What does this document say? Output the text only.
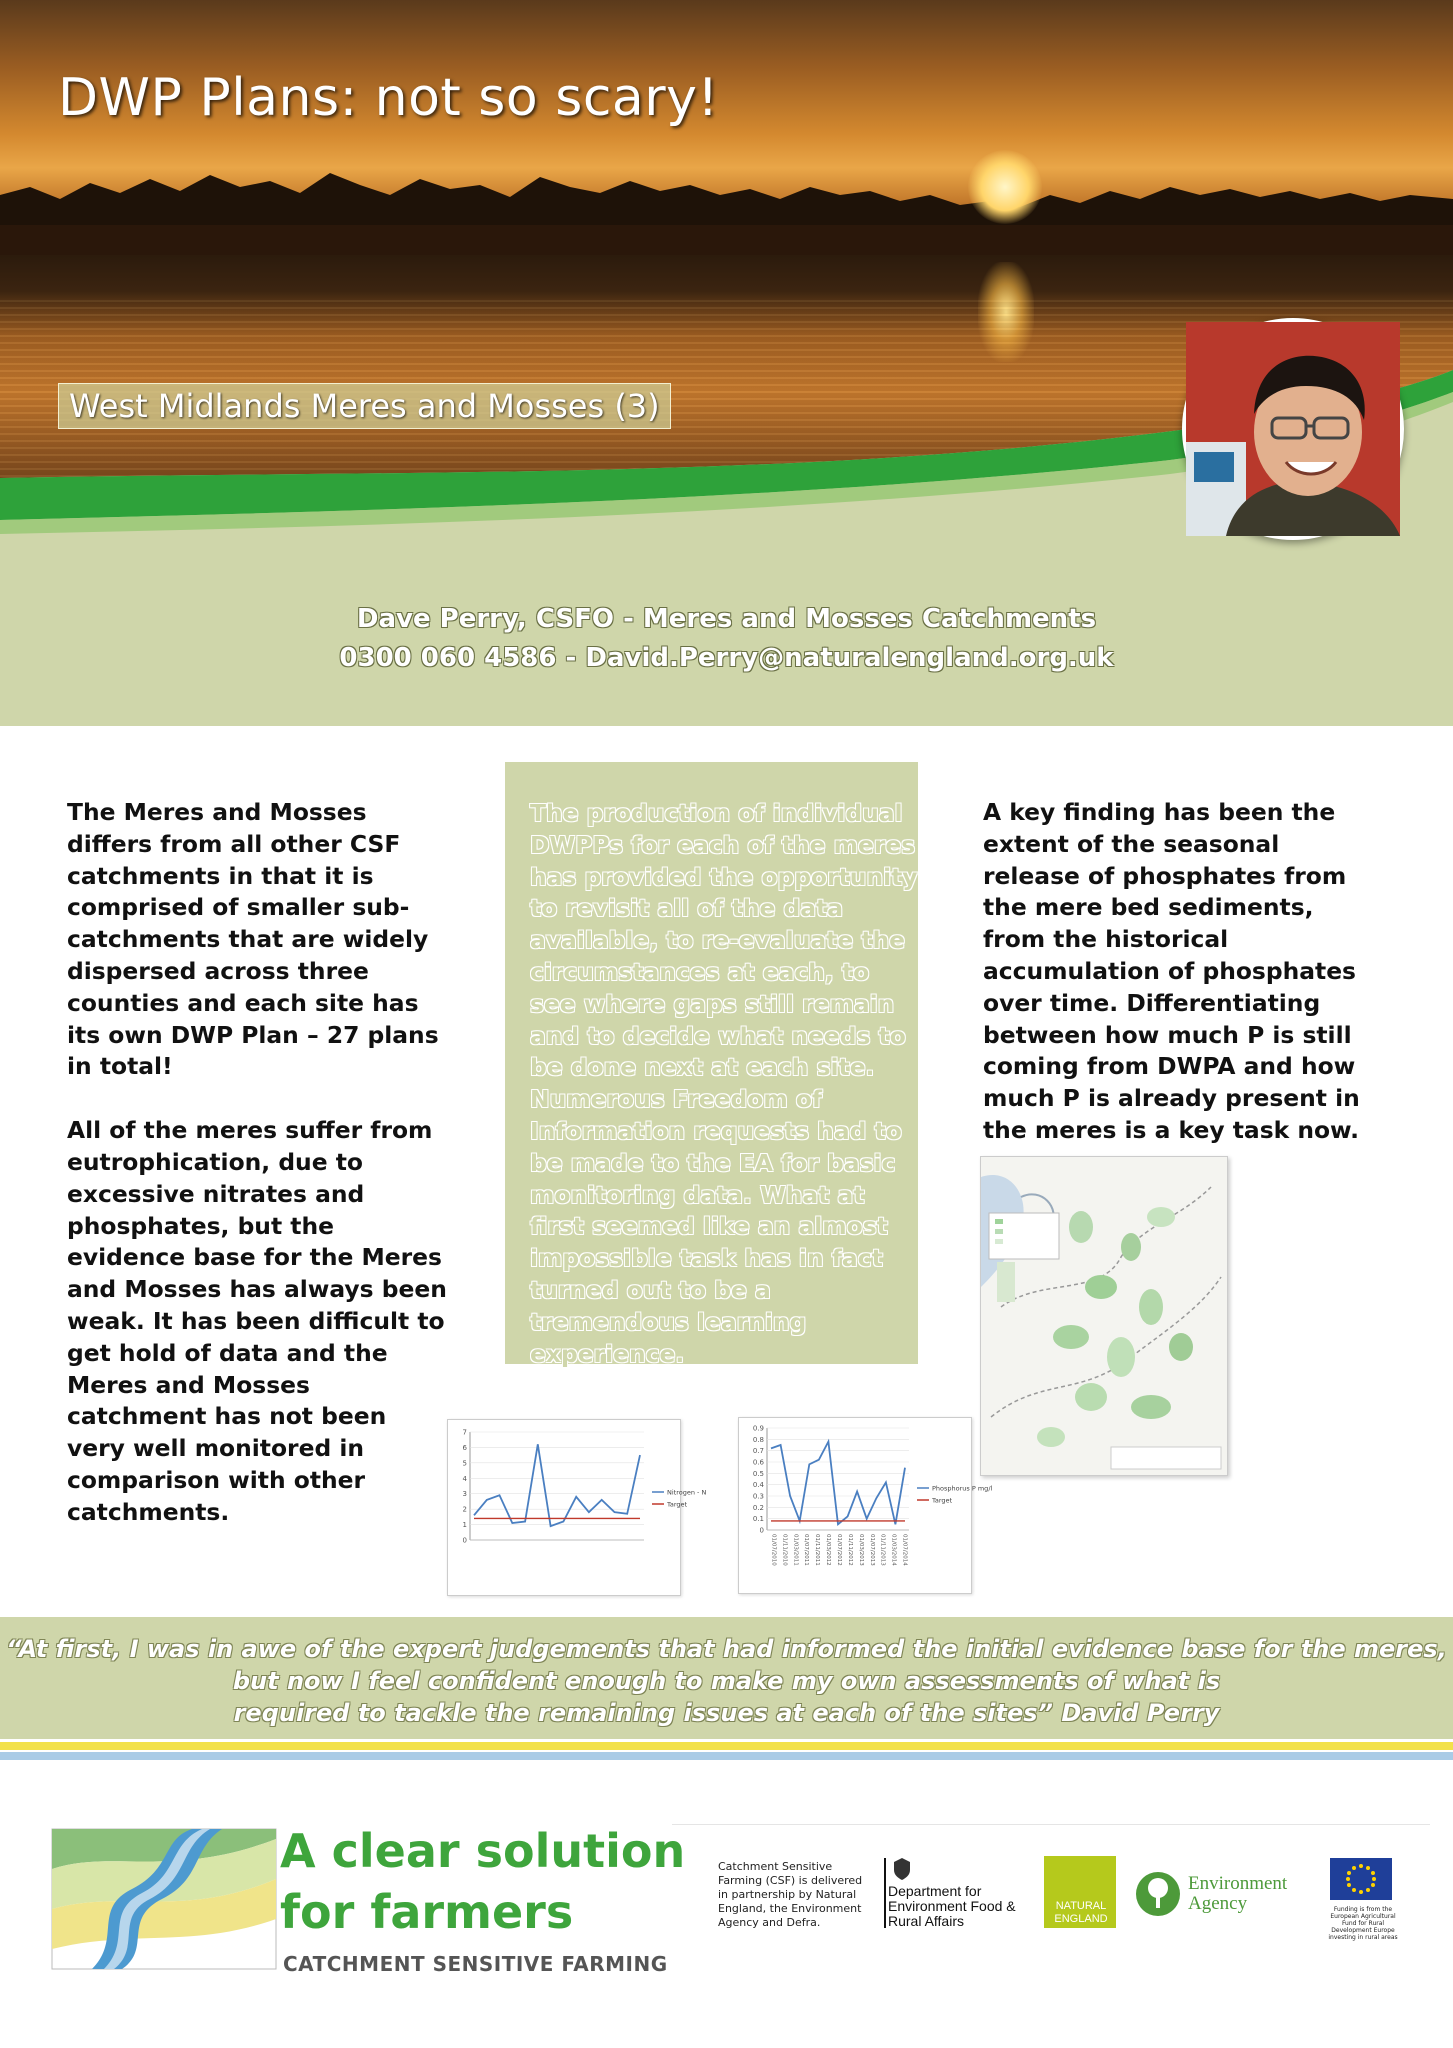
DWP Plans: not so scary!
West Midlands Meres and Mosses (3)
Dave Perry, CSFO - Meres and Mosses Catchments
0300 060 4586 - David.Perry@naturalengland.org.uk

The Meres and Mosses differs from all other CSF catchments in that it is comprised of smaller sub-catchments that are widely dispersed across three counties and each site has its own DWP Plan – 27 plans in total!

All of the meres suffer from eutrophication, due to excessive nitrates and phosphates, but the evidence base for the Meres and Mosses has always been weak. It has been difficult to get hold of data and the Meres and Mosses catchment has not been very well monitored in comparison with other catchments.

The production of individual DWPPs for each of the meres has provided the opportunity to revisit all of the data available, to re-evaluate the circumstances at each, to see where gaps still remain and to decide what needs to be done next at each site. Numerous Freedom of Information requests had to be made to the EA for basic monitoring data. What at first seemed like an almost impossible task has in fact turned out to be a tremendous learning experience.

A key finding has been the extent of the seasonal release of phosphates from the mere bed sediments, from the historical accumulation of phosphates over time. Differentiating between how much P is still coming from DWPA and how much P is already present in the meres is a key task now.

0
1
2
3
4
5
6
7
Nitrogen - N
Target
0
0.1
0.2
0.3
0.4
0.5
0.6
0.7
0.8
0.9
01/07/2010 01/11/2010 01/03/2011 01/07/2011 01/11/2011 01/03/2012 01/07/2012 01/11/2012 01/03/2013 01/07/2013 01/11/2013 01/03/2014 01/07/2014
Phosphorus P mg/l
Target
“At first, I was in awe of the expert judgements that had informed the initial evidence base for the meres,
but now I feel confident enough to make my own assessments of what is
required to tackle the remaining issues at each of the sites” David Perry
A clear solution
for farmers
CATCHMENT SENSITIVE FARMING
Catchment Sensitive Farming (CSF) is delivered in partnership by Natural England, the Environment Agency and Defra.
Department for Environment Food & Rural Affairs
NATURAL ENGLAND
Environment Agency	Funding is from the European Agricultural Fund for Rural Development Europe investing in rural areas
